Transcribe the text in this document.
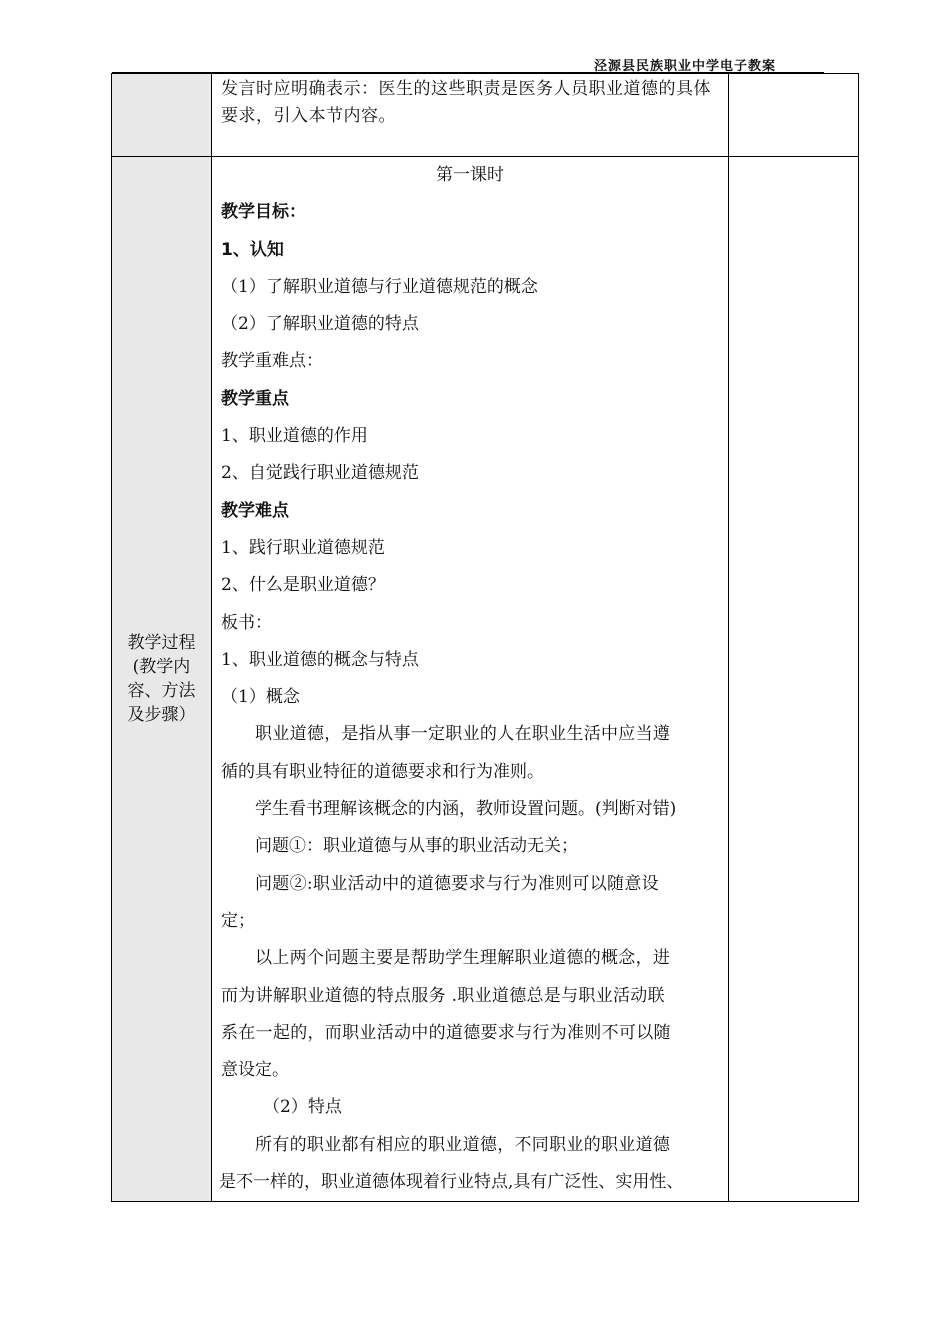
泾源县民族职业中学电子教案

发言时应明确表示：医生的这些职责是医务人员职业道德的具体要求，引入本节内容。

教学过程 (教学内容、方法及步骤）

第一课时

教学目标：

1、认知

（1）了解职业道德与行业道德规范的概念

（2）了解职业道德的特点

教学重难点：

教学重点

1、职业道德的作用

2、自觉践行职业道德规范

教学难点

1、践行职业道德规范

2、什么是职业道德？

板书：

1、职业道德的概念与特点

（1）概念

职业道德，是指从事一定职业的人在职业生活中应当遵

循的具有职业特征的道德要求和行为准则。

学生看书理解该概念的内涵，教师设置问题。(判断对错)

问题①：职业道德与从事的职业活动无关；

问题②:职业活动中的道德要求与行为准则可以随意设

定；

以上两个问题主要是帮助学生理解职业道德的概念，进

而为讲解职业道德的特点服务 .职业道德总是与职业活动联

系在一起的，而职业活动中的道德要求与行为准则不可以随

意设定。

（2）特点

所有的职业都有相应的职业道德，不同职业的职业道德

是不一样的，职业道德体现着行业特点,具有广泛性、实用性、
